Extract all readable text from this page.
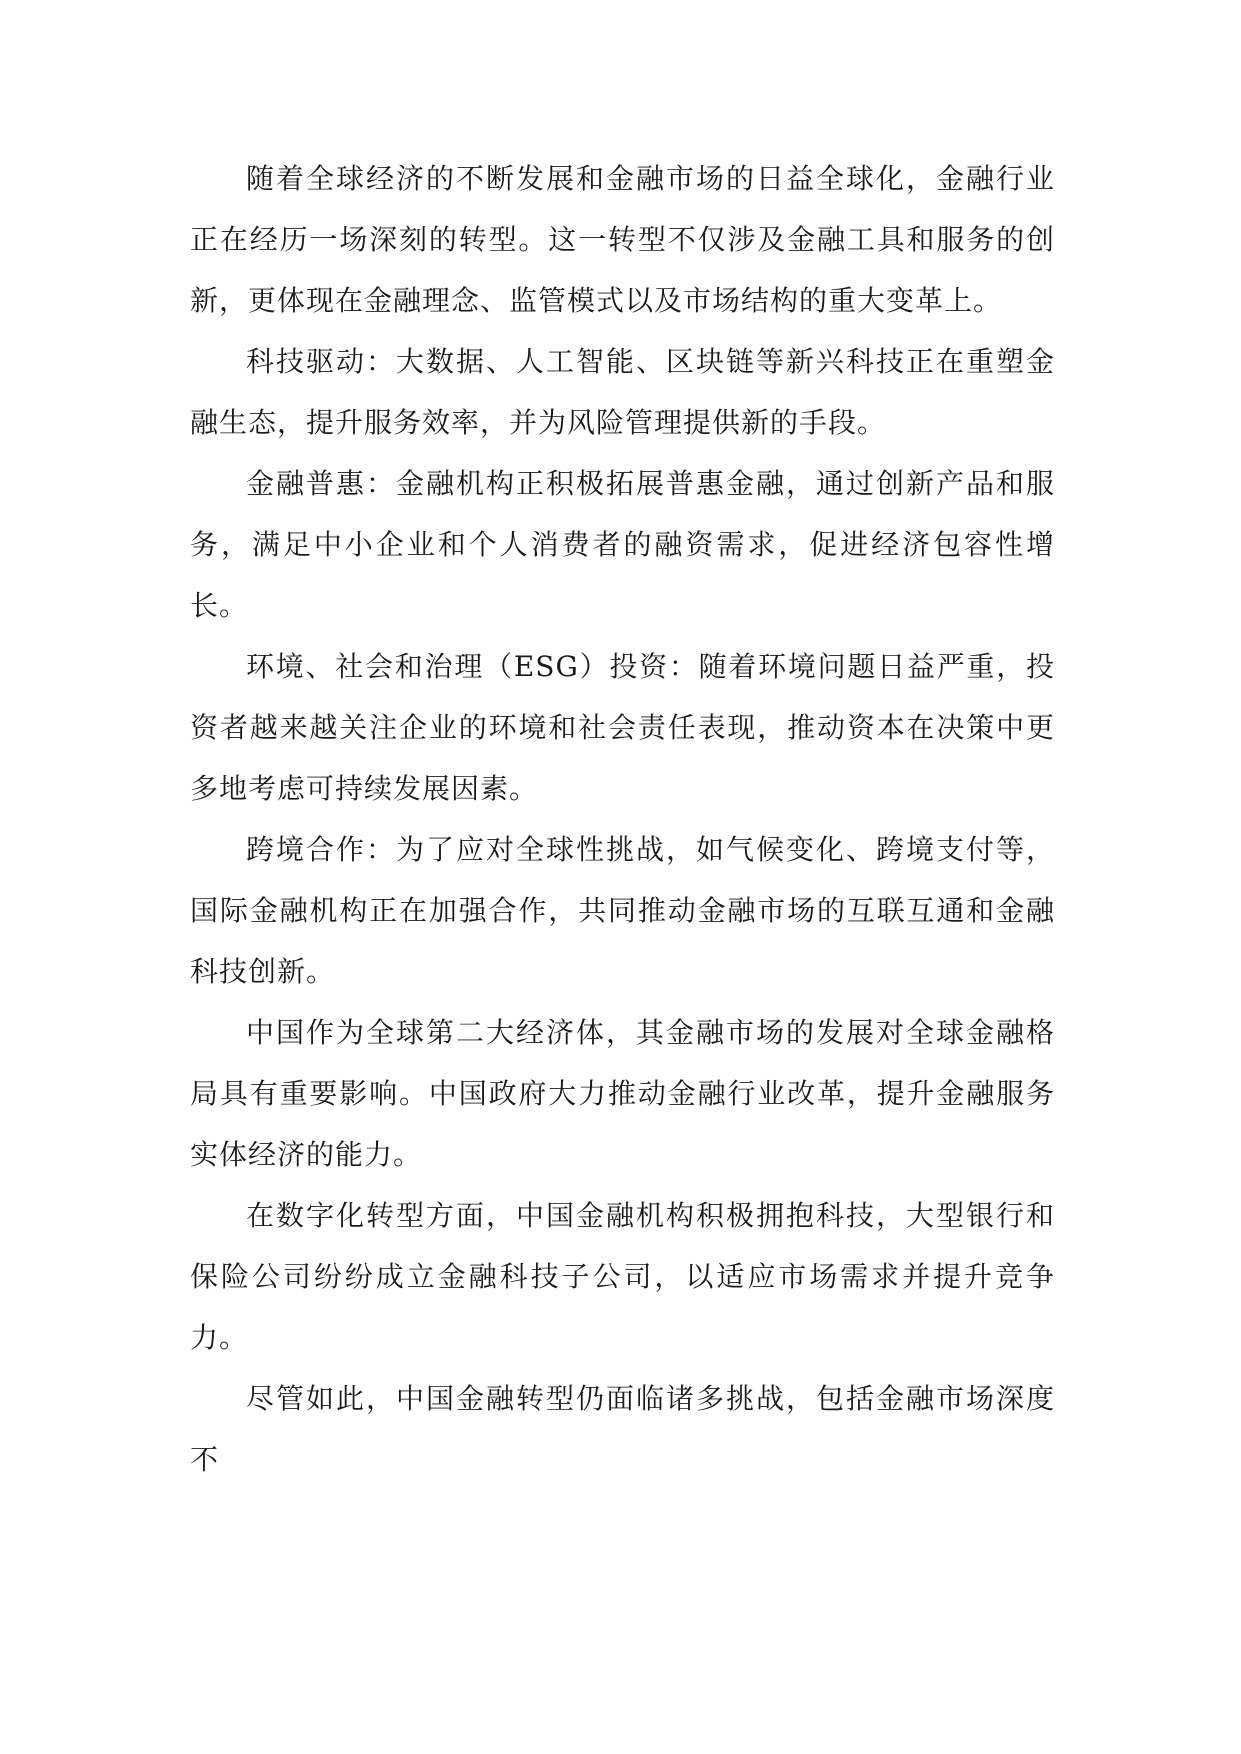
随着全球经济的不断发展和金融市场的日益全球化，金融行业正在经历一场深刻的转型。这一转型不仅涉及金融工具和服务的创新，更体现在金融理念、监管模式以及市场结构的重大变革上。

科技驱动：大数据、人工智能、区块链等新兴科技正在重塑金融生态，提升服务效率，并为风险管理提供新的手段。

金融普惠：金融机构正积极拓展普惠金融，通过创新产品和服务，满足中小企业和个人消费者的融资需求，促进经济包容性增长。

环境、社会和治理（ESG）投资：随着环境问题日益严重，投资者越来越关注企业的环境和社会责任表现，推动资本在决策中更多地考虑可持续发展因素。

跨境合作：为了应对全球性挑战，如气候变化、跨境支付等，国际金融机构正在加强合作，共同推动金融市场的互联互通和金融科技创新。

中国作为全球第二大经济体，其金融市场的发展对全球金融格局具有重要影响。中国政府大力推动金融行业改革，提升金融服务实体经济的能力。

在数字化转型方面，中国金融机构积极拥抱科技，大型银行和保险公司纷纷成立金融科技子公司，以适应市场需求并提升竞争力。

尽管如此，中国金融转型仍面临诸多挑战，包括金融市场深度不
